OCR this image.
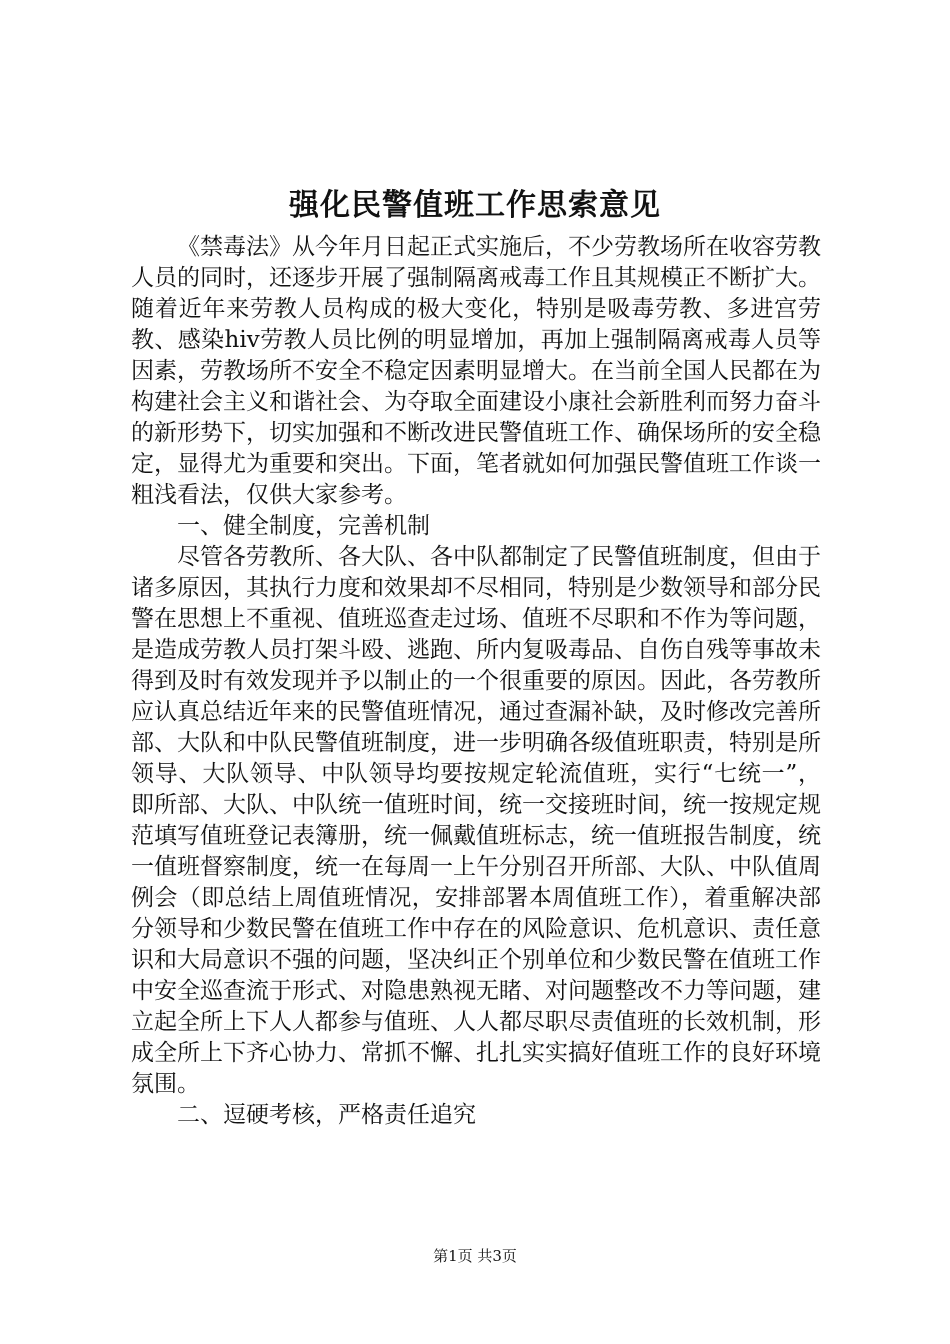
强化民警值班工作思索意见

《禁毒法》从今年月日起正式实施后，不少劳教场所在收容劳教人员的同时，还逐步开展了强制隔离戒毒工作且其规模正不断扩大。随着近年来劳教人员构成的极大变化，特别是吸毒劳教、多进宫劳教、感染hiv劳教人员比例的明显增加，再加上强制隔离戒毒人员等因素，劳教场所不安全不稳定因素明显增大。在当前全国人民都在为构建社会主义和谐社会、为夺取全面建设小康社会新胜利而努力奋斗的新形势下，切实加强和不断改进民警值班工作、确保场所的安全稳定，显得尤为重要和突出。下面，笔者就如何加强民警值班工作谈一粗浅看法，仅供大家参考。

一、健全制度，完善机制

尽管各劳教所、各大队、各中队都制定了民警值班制度，但由于诸多原因，其执行力度和效果却不尽相同，特别是少数领导和部分民警在思想上不重视、值班巡查走过场、值班不尽职和不作为等问题，是造成劳教人员打架斗殴、逃跑、所内复吸毒品、自伤自残等事故未得到及时有效发现并予以制止的一个很重要的原因。因此，各劳教所应认真总结近年来的民警值班情况，通过查漏补缺，及时修改完善所部、大队和中队民警值班制度，进一步明确各级值班职责，特别是所领导、大队领导、中队领导均要按规定轮流值班，实行“七统一”，即所部、大队、中队统一值班时间，统一交接班时间，统一按规定规范填写值班登记表簿册，统一佩戴值班标志，统一值班报告制度，统一值班督察制度，统一在每周一上午分别召开所部、大队、中队值周例会（即总结上周值班情况，安排部署本周值班工作），着重解决部分领导和少数民警在值班工作中存在的风险意识、危机意识、责任意识和大局意识不强的问题，坚决纠正个别单位和少数民警在值班工作中安全巡查流于形式、对隐患熟视无睹、对问题整改不力等问题，建立起全所上下人人都参与值班、人人都尽职尽责值班的长效机制，形成全所上下齐心协力、常抓不懈、扎扎实实搞好值班工作的良好环境氛围。

二、逗硬考核，严格责任追究

第1页 共3页
